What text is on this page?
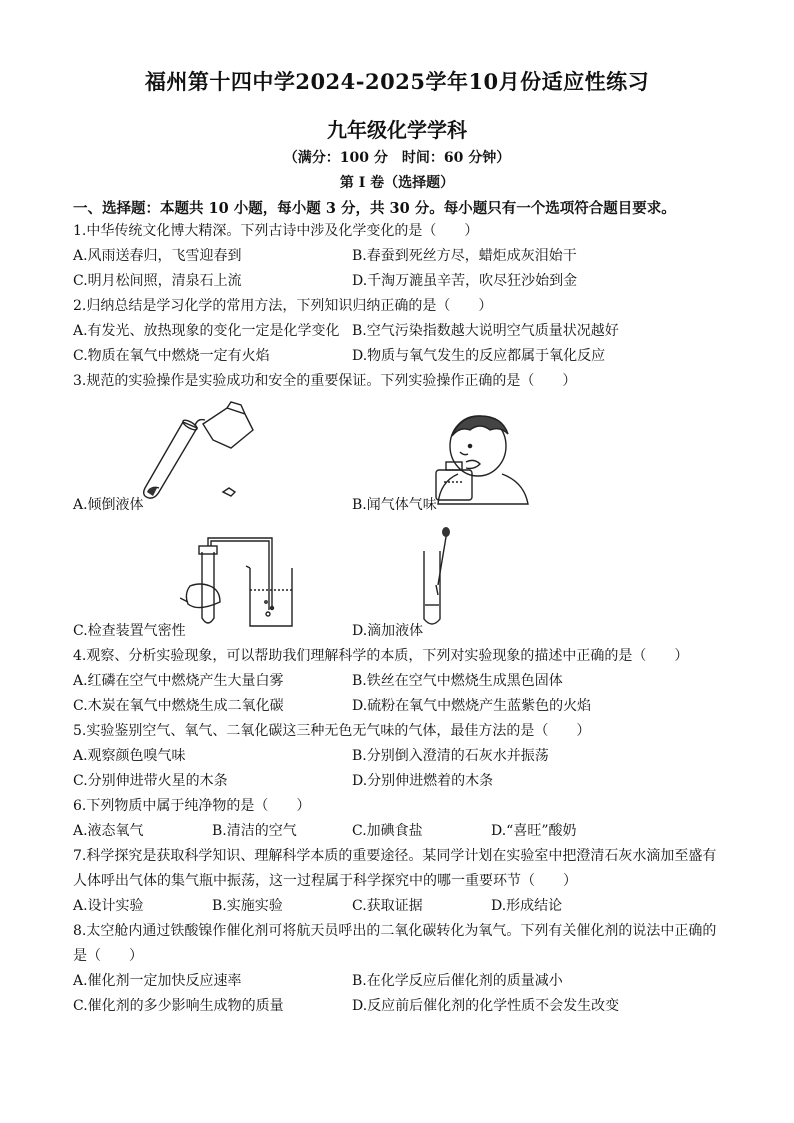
福州第十四中学2024-2025学年10月份适应性练习
九年级化学学科
（满分：100 分　时间：60 分钟）
第 I 卷（选择题）
一、选择题：本题共 10 小题，每小题 3 分，共 30 分。每小题只有一个选项符合题目要求。
1.中华传统文化博大精深。下列古诗中涉及化学变化的是（　　）
A.风雨送春归，飞雪迎春到	B.春蚕到死丝方尽，蜡炬成灰泪始干
C.明月松间照，清泉石上流	D.千淘万漉虽辛苦，吹尽狂沙始到金
2.归纳总结是学习化学的常用方法，下列知识归纳正确的是（　　）
A.有发光、放热现象的变化一定是化学变化 B.空气污染指数越大说明空气质量状况越好
C.物质在氧气中燃烧一定有火焰	D.物质与氧气发生的反应都属于氧化反应
3.规范的实验操作是实验成功和安全的重要保证。下列实验操作正确的是（　　）
A.倾倒液体	B.闻气体气味
C.检查装置气密性	D.滴加液体
4.观察、分析实验现象，可以帮助我们理解科学的本质，下列对实验现象的描述中正确的是（　　）
A.红磷在空气中燃烧产生大量白雾	B.铁丝在空气中燃烧生成黑色固体
C.木炭在氧气中燃烧生成二氧化碳	D.硫粉在氧气中燃烧产生蓝紫色的火焰
5.实验鉴别空气、氧气、二氧化碳这三种无色无气味的气体，最佳方法的是（　　）
A.观察颜色嗅气味	B.分别倒入澄清的石灰水并振荡
C.分别伸进带火星的木条	D.分别伸进燃着的木条
6.下列物质中属于纯净物的是（　　）
A.液态氧气	B.清洁的空气	C.加碘食盐	D.“喜旺”酸奶
7.科学探究是获取科学知识、理解科学本质的重要途径。某同学计划在实验室中把澄清石灰水滴加至盛有
人体呼出气体的集气瓶中振荡，这一过程属于科学探究中的哪一重要环节（　　）
A.设计实验	B.实施实验	C.获取证据	D.形成结论
8.太空舱内通过铁酸镍作催化剂可将航天员呼出的二氧化碳转化为氧气。下列有关催化剂的说法中正确的
是（　　）
A.催化剂一定加快反应速率	B.在化学反应后催化剂的质量减小
C.催化剂的多少影响生成物的质量	D.反应前后催化剂的化学性质不会发生改变
